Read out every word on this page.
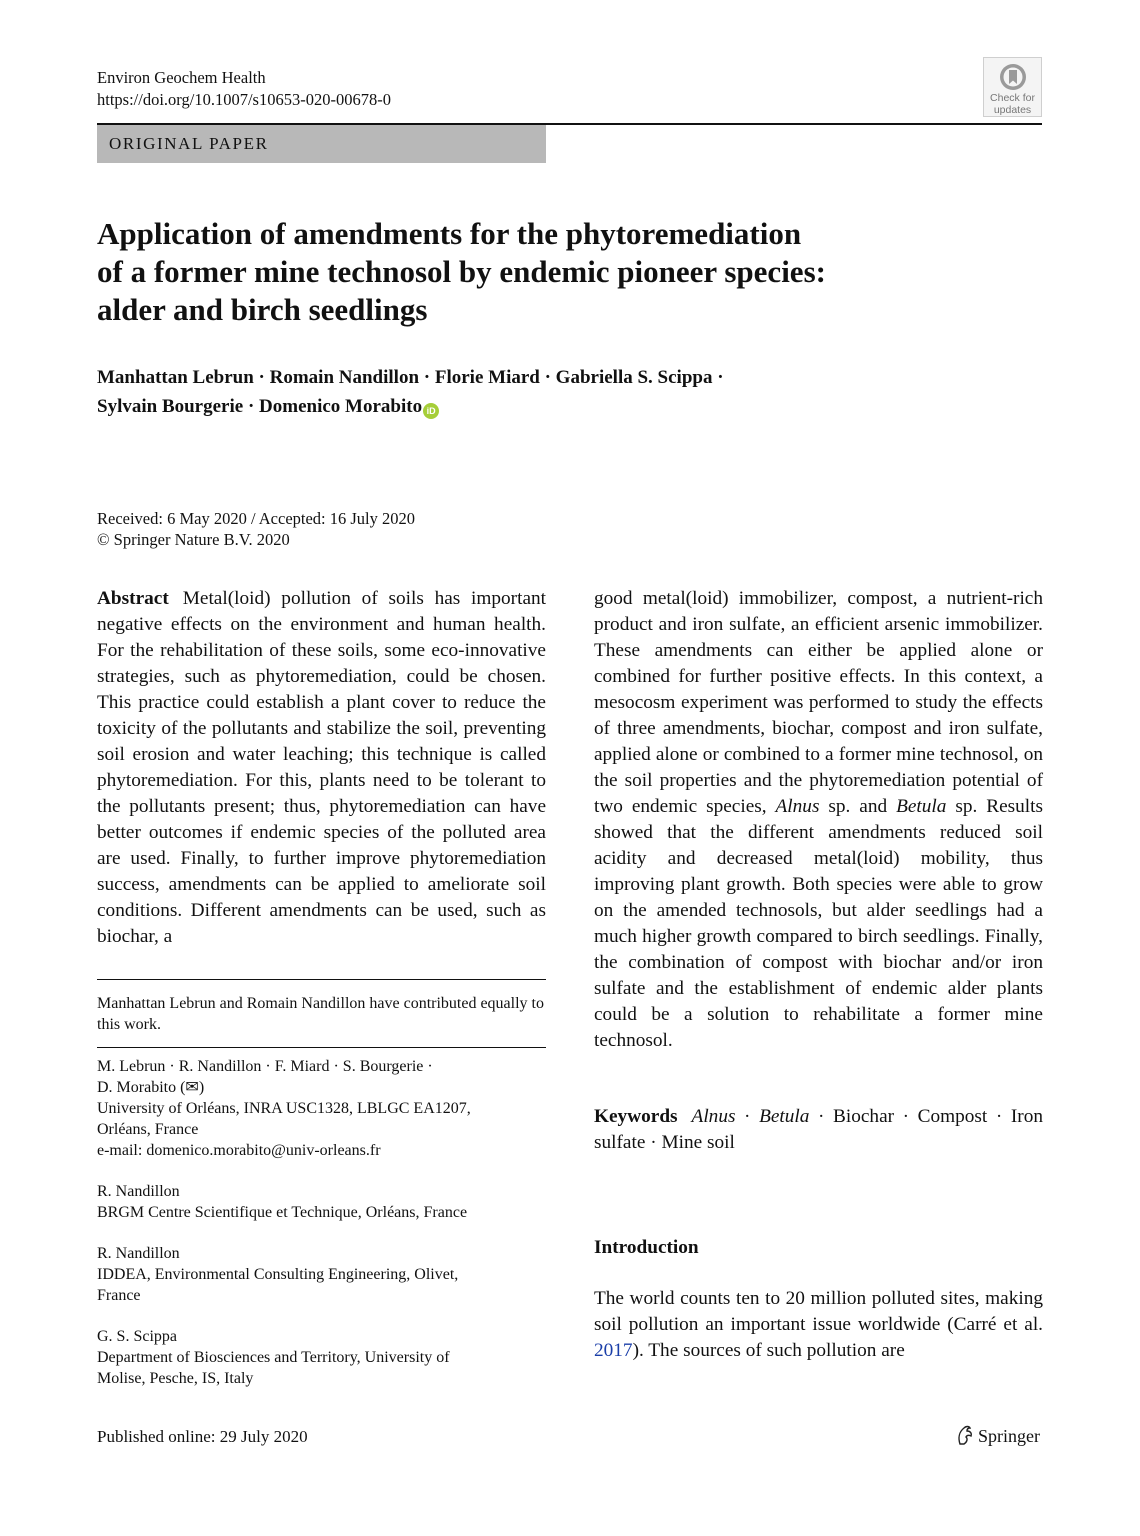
Environ Geochem Health
https://doi.org/10.1007/s10653-020-00678-0	Check for
updates
ORIGINAL PAPER
Application of amendments for the phytoremediation
of a former mine technosol by endemic pioneer species:
alder and birch seedlings
Manhattan Lebrun · Romain Nandillon · Florie Miard · Gabriella S. Scippa ·
Sylvain Bourgerie · Domenico Morabito iD
Received: 6 May 2020 / Accepted: 16 July 2020
© Springer Nature B.V. 2020

Abstract Metal(loid) pollution of soils has important negative effects on the environment and human health. For the rehabilitation of these soils, some eco-innovative strategies, such as phytoremediation, could be chosen. This practice could establish a plant cover to reduce the toxicity of the pollutants and stabilize the soil, preventing soil erosion and water leaching; this technique is called phytoremediation. For this, plants need to be tolerant to the pollutants present; thus, phytoremediation can have better outcomes if endemic species of the polluted area are used. Finally, to further improve phytoremediation success, amendments can be applied to ameliorate soil conditions. Different amendments can be used, such as biochar, a

Manhattan Lebrun and Romain Nandillon have contributed equally to this work.
M. Lebrun · R. Nandillon · F. Miard · S. Bourgerie ·
D. Morabito (✉)
University of Orléans, INRA USC1328, LBLGC EA1207,
Orléans, France
e-mail: domenico.morabito@univ-orleans.fr
R. Nandillon
BRGM Centre Scientifique et Technique, Orléans, France
R. Nandillon
IDDEA, Environmental Consulting Engineering, Olivet,
France
G. S. Scippa
Department of Biosciences and Territory, University of
Molise, Pesche, IS, Italy

good metal(loid) immobilizer, compost, a nutrient-rich product and iron sulfate, an efficient arsenic immobilizer. These amendments can either be applied alone or combined for further positive effects. In this context, a mesocosm experiment was performed to study the effects of three amendments, biochar, compost and iron sulfate, applied alone or combined to a former mine technosol, on the soil properties and the phytoremediation potential of two endemic species, Alnus sp. and Betula sp. Results showed that the different amendments reduced soil acidity and decreased metal(loid) mobility, thus improving plant growth. Both species were able to grow on the amended technosols, but alder seedlings had a much higher growth compared to birch seedlings. Finally, the combination of compost with biochar and/or iron sulfate and the establishment of endemic alder plants could be a solution to rehabilitate a former mine technosol.

Keywords Alnus · Betula · Biochar · Compost · Iron sulfate · Mine soil
Introduction

The world counts ten to 20 million polluted sites, making soil pollution an important issue worldwide (Carré et al. 2017). The sources of such pollution are

Published online: 29 July 2020	Springer
